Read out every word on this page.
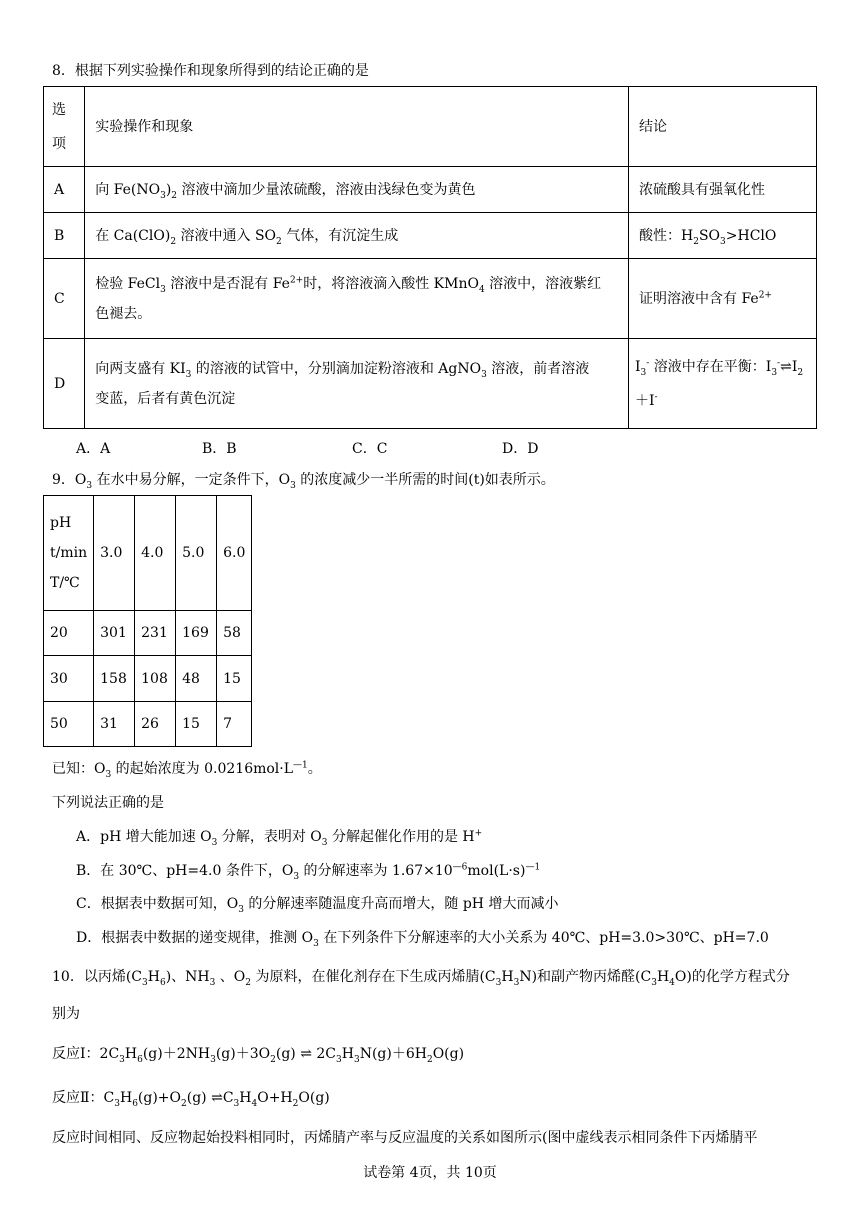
8．根据下列实验操作和现象所得到的结论正确的是
选
项	实验操作和现象	结论
A	向 $Fe(NO_3)_2$ 溶液中滴加少量浓硫酸，溶液由浅绿色变为黄色	浓硫酸具有强氧化性
B	在 $Ca(ClO)_2$ 溶液中通入 $SO_2$ 气体，有沉淀生成	酸性：$H_2SO_3>HClO$
C	检验 FeCl$_3$ 溶液中是否混有 $Fe^{2+}$时，将溶液滴入酸性 KMnO$_4$ 溶液中，溶液紫红
色褪去。	证明溶液中含有 $Fe^{2+}$
D	向两支盛有 $KI_3$ 的溶液的试管中，分别滴加淀粉溶液和 AgNO$_3$ 溶液，前者溶液
变蓝，后者有黄色沉淀	$I_3^-$ 溶液中存在平衡：$I_3^-\rightleftharpoons I_2$
＋I-
A．A	B．B	C．C	D．D
9．$O_3$ 在水中易分解，一定条件下，$O_3$ 的浓度减少一半所需的时间(t)如表所示。
pH
t/min
T/℃	3.0	4.0	5.0	6.0
20	301	231	169	58
30	158	108	48	15
50	31	26	15	7
已知：$O_3$ 的起始浓度为 $0.0216mol\cdot L^{—1}$。
下列说法正确的是
A．pH 增大能加速 $O_3$ 分解，表明对 $O_3$ 分解起催化作用的是 H+
B．在 30℃、pH=4.0 条件下，$O_3$ 的分解速率为 $1.67\times 10^{—6}mol(L\cdot s)^{—1}$
C．根据表中数据可知，$O_3$ 的分解速率随温度升高而增大，随 pH 增大而减小
D．根据表中数据的递变规律，推测 $O_3$ 在下列条件下分解速率的大小关系为 40℃、pH=3.0>30℃、pH=7.0
10．以丙烯$(C_3H_6)$、$NH_3$ 、$O_2$ 为原料，在催化剂存在下生成丙烯腈$(C_3H_3N)$和副产物丙烯醛$(C_3H_4O)$的化学方程式分
别为
反应Ⅰ：$2C_3H_6(g)+2NH_3(g)+3O_2(g)$ ⇌ $2C_3H_3N(g)+6H_2O(g)$
反应Ⅱ：$C_3H_6(g)+O_2(g)$ $\rightleftharpoons C_3H_4O+H_2O(g)$
反应时间相同、反应物起始投料相同时，丙烯腈产率与反应温度的关系如图所示(图中虚线表示相同条件下丙烯腈平
试卷第 4页，共 10页
